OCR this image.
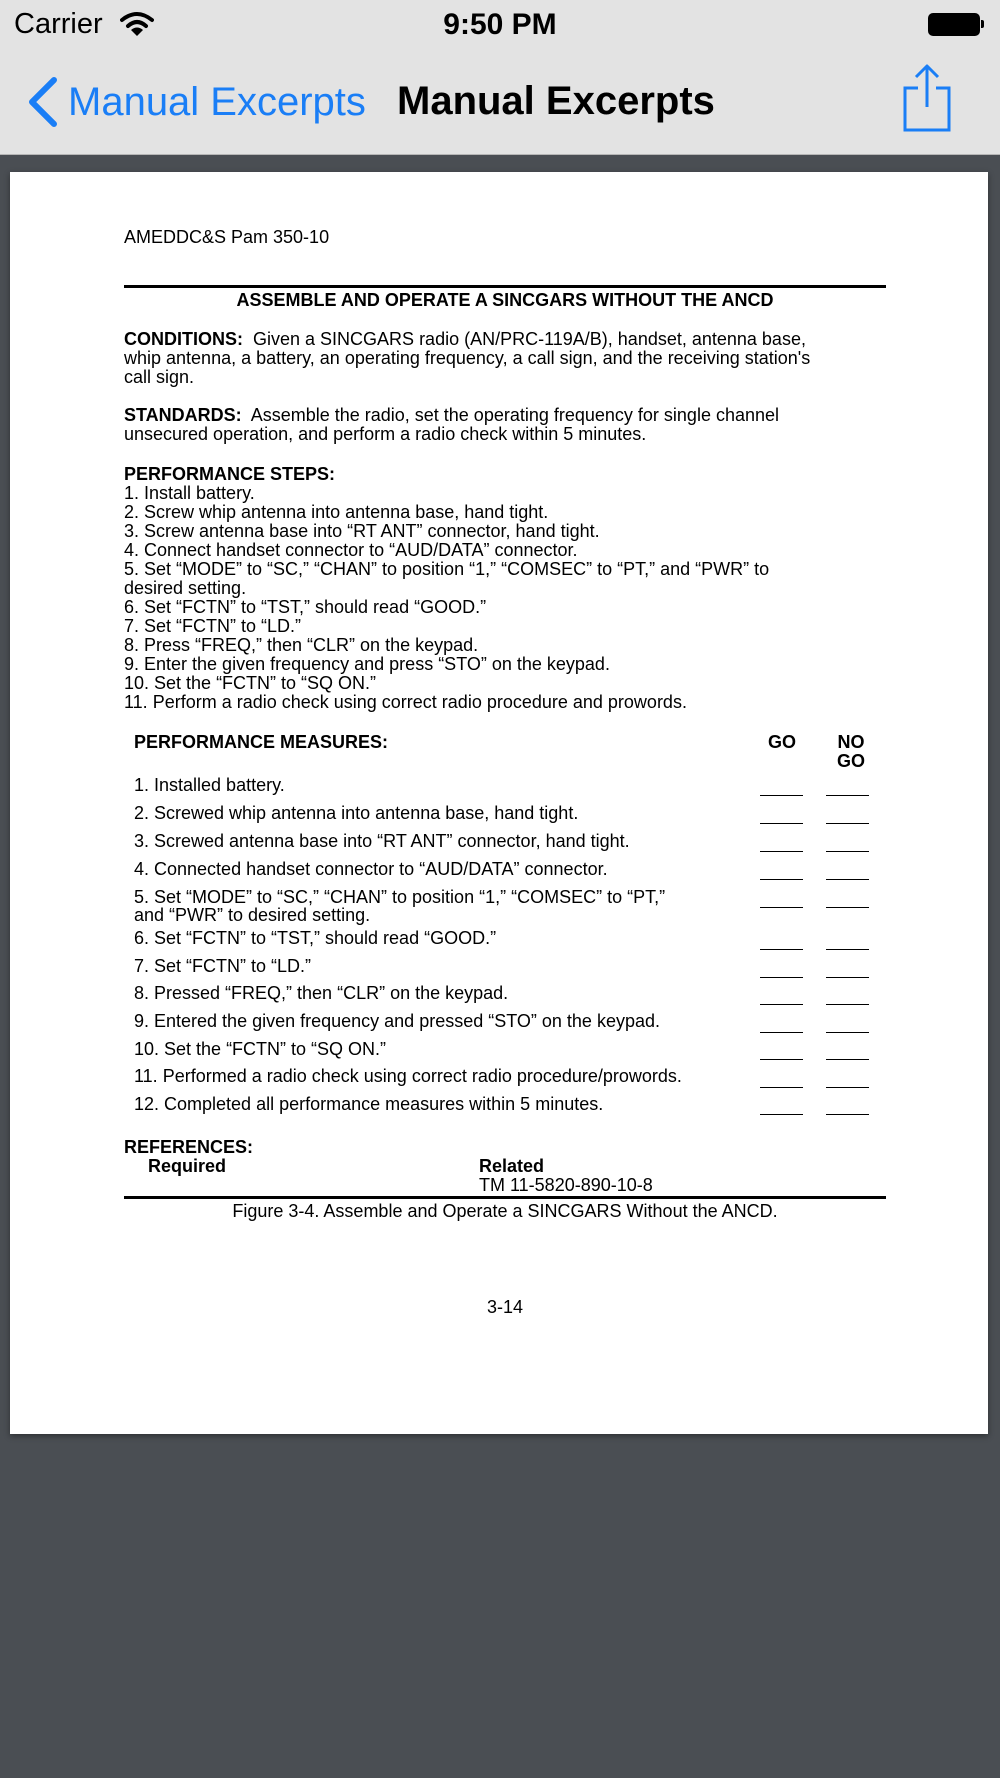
Carrier	9:50 PM
Manual Excerpts Manual Excerpts
AMEDDC&S Pam 350-10
ASSEMBLE AND OPERATE A SINCGARS WITHOUT THE ANCD
CONDITIONS: Given a SINCGARS radio (AN/PRC-119A/B), handset, antenna base,
whip antenna, a battery, an operating frequency, a call sign, and the receiving station's
call sign.
STANDARDS: Assemble the radio, set the operating frequency for single channel
unsecured operation, and perform a radio check within 5 minutes.
PERFORMANCE STEPS:
1. Install battery.
2. Screw whip antenna into antenna base, hand tight.
3. Screw antenna base into “RT ANT” connector, hand tight.
4. Connect handset connector to “AUD/DATA” connector.
5. Set “MODE” to “SC,” “CHAN” to position “1,” “COMSEC” to “PT,” and “PWR” to
desired setting.
6. Set “FCTN” to “TST,” should read “GOOD.”
7. Set “FCTN” to “LD.”
8. Press “FREQ,” then “CLR” on the keypad.
9. Enter the given frequency and press “STO” on the keypad.
10. Set the “FCTN” to “SQ ON.”
11. Perform a radio check using correct radio procedure and prowords.
PERFORMANCE MEASURES:	GO NO
GO
1. Installed battery.
2. Screwed whip antenna into antenna base, hand tight.
3. Screwed antenna base into “RT ANT” connector, hand tight.
4. Connected handset connector to “AUD/DATA” connector.
5. Set “MODE” to “SC,” “CHAN” to position “1,” “COMSEC” to “PT,”
and “PWR” to desired setting.
6. Set “FCTN” to “TST,” should read “GOOD.”
7. Set “FCTN” to “LD.”
8. Pressed “FREQ,” then “CLR” on the keypad.
9. Entered the given frequency and pressed “STO” on the keypad.
10. Set the “FCTN” to “SQ ON.”
11. Performed a radio check using correct radio procedure/prowords.
12. Completed all performance measures within 5 minutes.
REFERENCES:
Required	Related
TM 11-5820-890-10-8
Figure 3-4. Assemble and Operate a SINCGARS Without the ANCD.
3-14
